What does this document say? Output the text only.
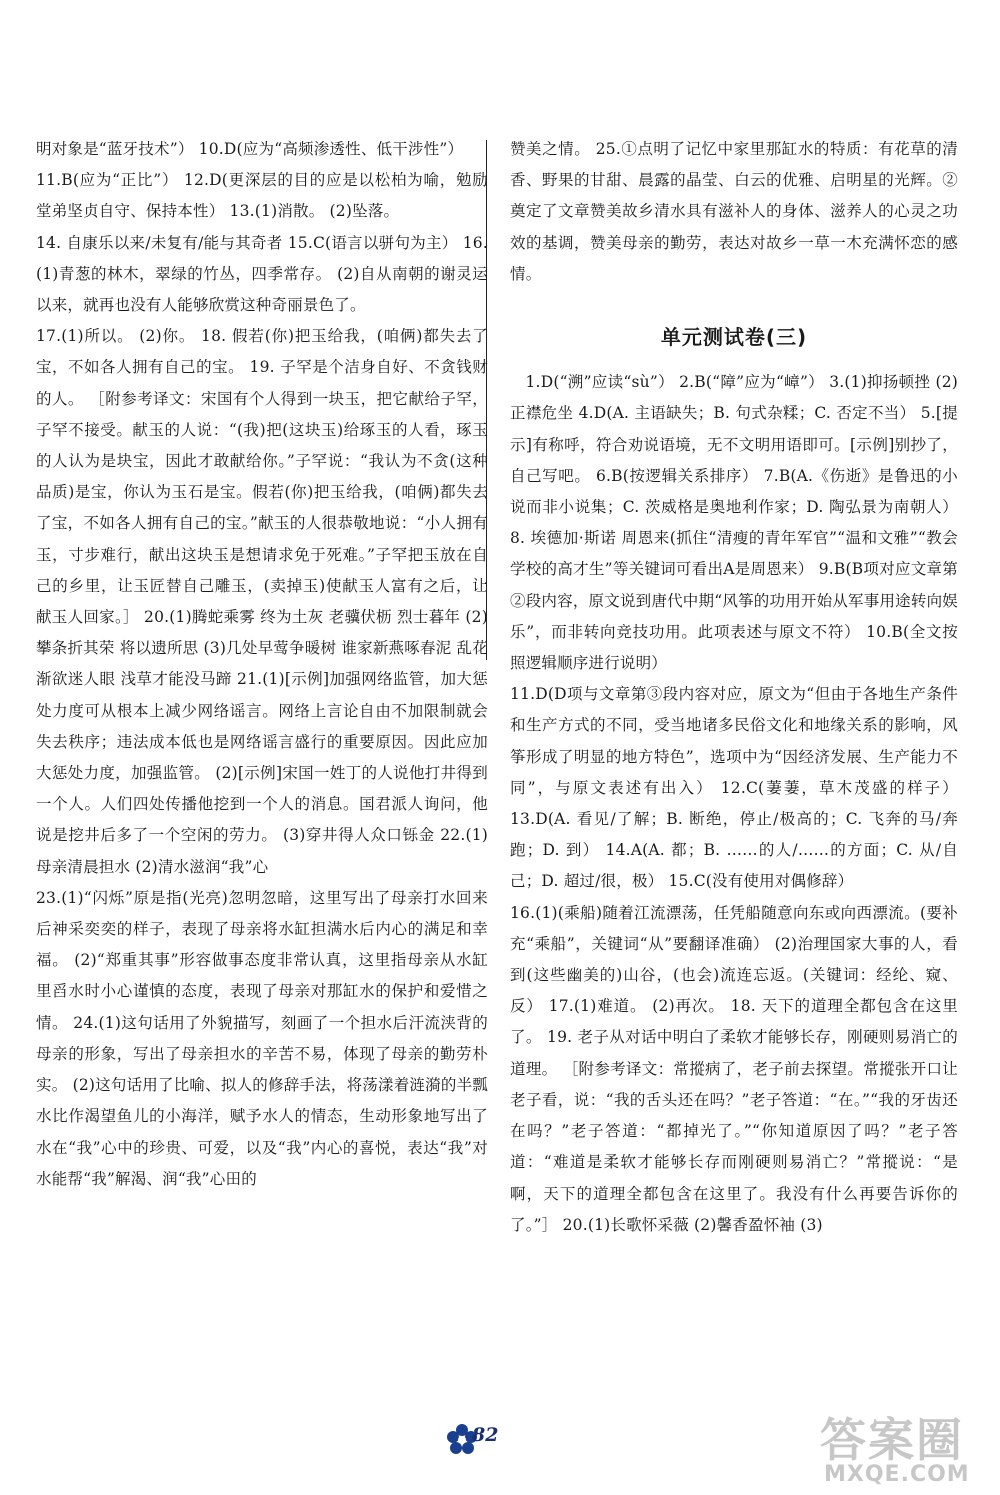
明对象是“蓝牙技术”） 10.D(应为“高频渗透性、低干涉性”）

11.B(应为“正比”） 12.D(更深层的目的应是以松柏为喻，勉励堂弟坚贞自守、保持本性） 13.(1)消散。 (2)坠落。

14. 自康乐以来/未复有/能与其奇者 15.C(语言以骈句为主） 16.(1)青葱的林木，翠绿的竹丛，四季常存。 (2)自从南朝的谢灵运以来，就再也没有人能够欣赏这种奇丽景色了。

17.(1)所以。 (2)你。 18. 假若(你)把玉给我，(咱俩)都失去了宝，不如各人拥有自己的宝。 19. 子罕是个洁身自好、不贪钱财的人。 ［附参考译文：宋国有个人得到一块玉，把它献给子罕，子罕不接受。献玉的人说：“(我)把(这块玉)给琢玉的人看，琢玉的人认为是块宝，因此才敢献给你。”子罕说：“我认为不贪(这种品质)是宝，你认为玉石是宝。假若(你)把玉给我，(咱俩)都失去了宝，不如各人拥有自己的宝。”献玉的人很恭敬地说：“小人拥有玉，寸步难行，献出这块玉是想请求免于死难。”子罕把玉放在自己的乡里，让玉匠替自己雕玉，(卖掉玉)使献玉人富有之后，让献玉人回家。］ 20.(1)腾蛇乘雾 终为土灰 老骥伏枥 烈士暮年 (2)攀条折其荣 将以遗所思 (3)几处早莺争暖树 谁家新燕啄春泥 乱花渐欲迷人眼 浅草才能没马蹄 21.(1)[示例]加强网络监管，加大惩处力度可从根本上减少网络谣言。网络上言论自由不加限制就会失去秩序；违法成本低也是网络谣言盛行的重要原因。因此应加大惩处力度，加强监管。 (2)[示例]宋国一姓丁的人说他打井得到一个人。人们四处传播他挖到一个人的消息。国君派人询问，他说是挖井后多了一个空闲的劳力。 (3)穿井得人众口铄金 22.(1)母亲清晨担水 (2)清水滋润“我”心

23.(1)“闪烁”原是指(光亮)忽明忽暗，这里写出了母亲打水回来后神采奕奕的样子，表现了母亲将水缸担满水后内心的满足和幸福。 (2)“郑重其事”形容做事态度非常认真，这里指母亲从水缸里舀水时小心谨慎的态度，表现了母亲对那缸水的保护和爱惜之情。 24.(1)这句话用了外貌描写，刻画了一个担水后汗流浃背的母亲的形象，写出了母亲担水的辛苦不易，体现了母亲的勤劳朴实。 (2)这句话用了比喻、拟人的修辞手法，将荡漾着涟漪的半瓢水比作渴望鱼儿的小海洋，赋予水人的情态，生动形象地写出了水在“我”心中的珍贵、可爱，以及“我”内心的喜悦，表达“我”对水能帮“我”解渴、润“我”心田的

赞美之情。 25.①点明了记忆中家里那缸水的特质：有花草的清香、野果的甘甜、晨露的晶莹、白云的优雅、启明星的光辉。②奠定了文章赞美故乡清水具有滋补人的身体、滋养人的心灵之功效的基调，赞美母亲的勤劳，表达对故乡一草一木充满怀恋的感情。

单元测试卷(三)

1.D(“溯”应读“sù”） 2.B(“障”应为“嶂”） 3.(1)抑扬顿挫 (2)正襟危坐 4.D(A. 主语缺失；B. 句式杂糅；C. 否定不当） 5.[提示]有称呼，符合劝说语境，无不文明用语即可。[示例]别抄了，自己写吧。 6.B(按逻辑关系排序） 7.B(A.《伤逝》是鲁迅的小说而非小说集；C. 茨威格是奥地利作家；D. 陶弘景为南朝人） 8. 埃德加·斯诺 周恩来(抓住“清瘦的青年军官”“温和文雅”“教会学校的高才生”等关键词可看出A是周恩来） 9.B(B项对应文章第②段内容，原文说到唐代中期“风筝的功用开始从军事用途转向娱乐”，而非转向竞技功用。此项表述与原文不符） 10.B(全文按照逻辑顺序进行说明）

11.D(D项与文章第③段内容对应，原文为“但由于各地生产条件和生产方式的不同，受当地诸多民俗文化和地缘关系的影响，风筝形成了明显的地方特色”，选项中为“因经济发展、生产能力不同”，与原文表述有出入） 12.C(萋萋，草木茂盛的样子） 13.D(A. 看见/了解；B. 断绝，停止/极高的；C. 飞奔的马/奔跑；D. 到） 14.A(A. 都；B. ……的人/……的方面；C. 从/自己；D. 超过/很，极） 15.C(没有使用对偶修辞）

16.(1)(乘船)随着江流漂荡，任凭船随意向东或向西漂流。(要补充“乘船”，关键词“从”要翻译准确） (2)治理国家大事的人，看到(这些幽美的)山谷，(也会)流连忘返。(关键词：经纶、窥、反） 17.(1)难道。 (2)再次。 18. 天下的道理全都包含在这里了。 19. 老子从对话中明白了柔软才能够长存，刚硬则易消亡的道理。 ［附参考译文：常摐病了，老子前去探望。常摐张开口让老子看，说：“我的舌头还在吗？”老子答道：“在。”“我的牙齿还在吗？”老子答道：“都掉光了。”“你知道原因了吗？”老子答道：“难道是柔软才能够长存而刚硬则易消亡？”常摐说：“是啊，天下的道理全都包含在这里了。我没有什么再要告诉你的了。”］ 20.(1)长歌怀采薇 (2)馨香盈怀袖 (3)

82	答案圈
MXQE.COM
